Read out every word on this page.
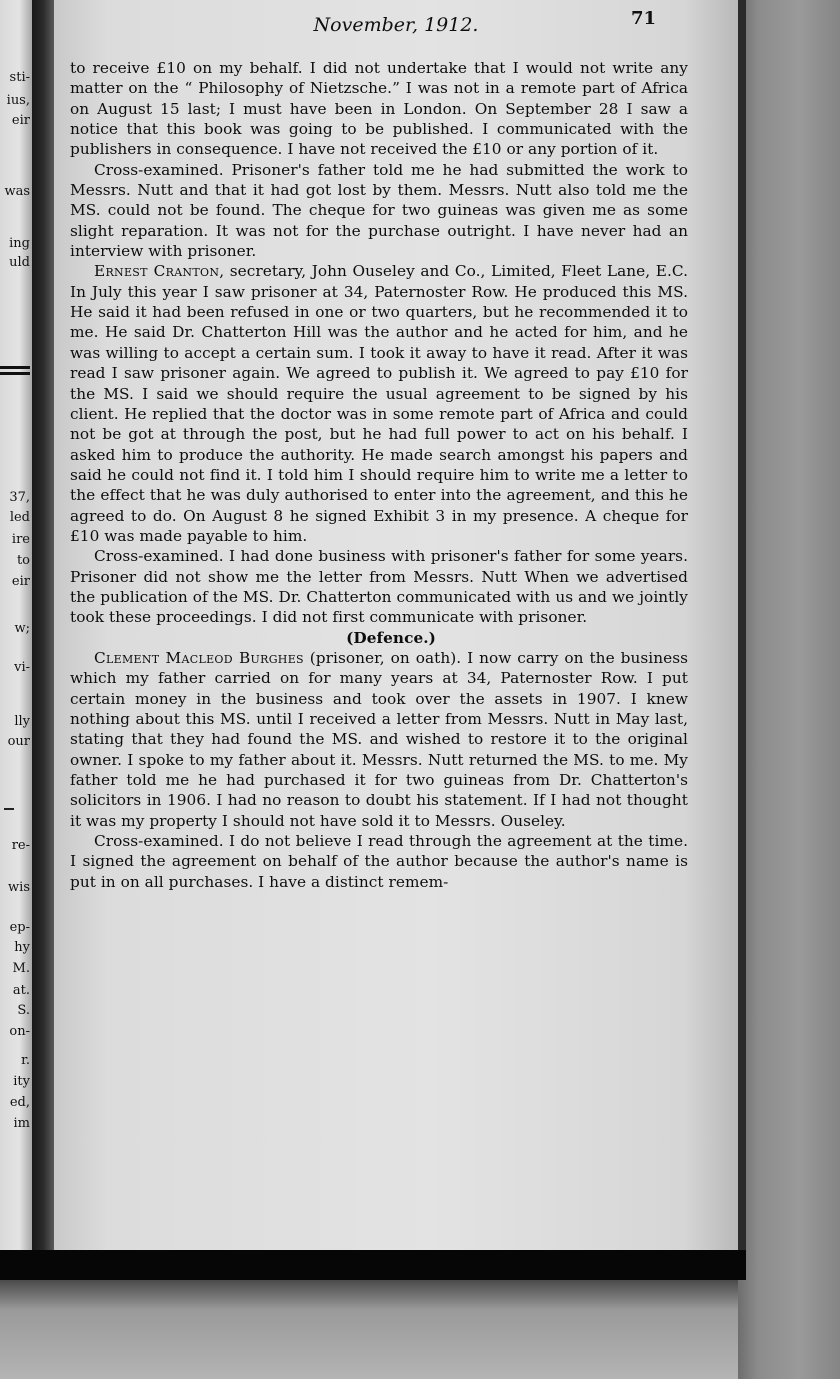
sti-
ius,
eir
was
ing
uld
37,
led
ire
to
eir
w;
vi-
lly
our
re-
wis
ep-
hy
M.
at.
S.
on-
r.
ity
ed,
im
November, 1912.	71

to receive £10 on my behalf. I did not undertake that I would not write any matter on the “ Philosophy of Nietzsche.” I was not in a remote part of Africa on August 15 last; I must have been in London. On September 28 I saw a notice that this book was going to be published. I communicated with the publishers in consequence. I have not received the £10 or any portion of it.

Cross-examined. Prisoner's father told me he had submitted the work to Messrs. Nutt and that it had got lost by them. Messrs. Nutt also told me the MS. could not be found. The cheque for two guineas was given me as some slight reparation. It was not for the purchase outright. I have never had an interview with prisoner.

Ernest Cranton, secretary, John Ouseley and Co., Limited, Fleet Lane, E.C. In July this year I saw prisoner at 34, Paternoster Row. He produced this MS. He said it had been refused in one or two quarters, but he recommended it to me. He said Dr. Chatterton Hill was the author and he acted for him, and he was willing to accept a certain sum. I took it away to have it read. After it was read I saw prisoner again. We agreed to publish it. We agreed to pay £10 for the MS. I said we should require the usual agreement to be signed by his client. He replied that the doctor was in some remote part of Africa and could not be got at through the post, but he had full power to act on his behalf. I asked him to produce the authority. He made search amongst his papers and said he could not find it. I told him I should require him to write me a letter to the effect that he was duly authorised to enter into the agreement, and this he agreed to do. On August 8 he signed Exhibit 3 in my presence. A cheque for £10 was made payable to him.

Cross-examined. I had done business with prisoner's father for some years. Prisoner did not show me the letter from Messrs. Nutt When we advertised the publication of the MS. Dr. Chatterton communicated with us and we jointly took these proceedings. I did not first communicate with prisoner.

(Defence.)

Clement Macleod Burghes (prisoner, on oath). I now carry on the business which my father carried on for many years at 34, Paternoster Row. I put certain money in the business and took over the assets in 1907. I knew nothing about this MS. until I received a letter from Messrs. Nutt in May last, stating that they had found the MS. and wished to restore it to the original owner. I spoke to my father about it. Messrs. Nutt returned the MS. to me. My father told me he had purchased it for two guineas from Dr. Chatterton's solicitors in 1906. I had no reason to doubt his statement. If I had not thought it was my property I should not have sold it to Messrs. Ouseley.

Cross-examined. I do not believe I read through the agreement at the time. I signed the agreement on behalf of the author because the author's name is put in on all purchases. I have a distinct remem-
